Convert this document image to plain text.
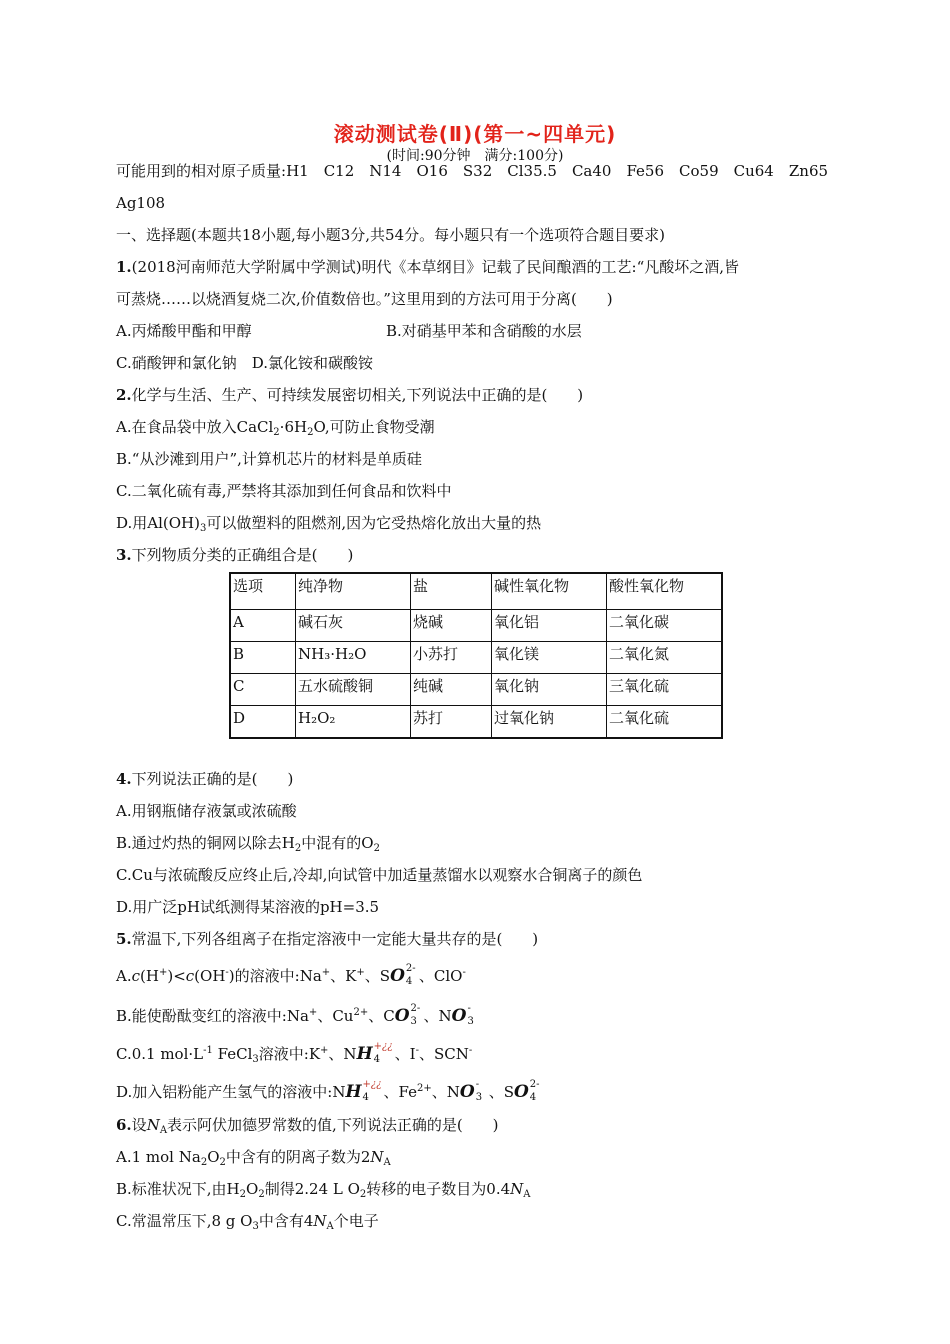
滚动测试卷(Ⅱ)(第一~四单元)
(时间:90分钟　满分:100分)
可能用到的相对原子质量:H1 C12 N14 O16 S32 Cl35.5 Ca40 Fe56 Co59 Cu64 Zn65
Ag108
一、选择题(本题共18小题,每小题3分,共54分。每小题只有一个选项符合题目要求)
1.(2018河南师范大学附属中学测试)明代《本草纲目》记载了民间酿酒的工艺:“凡酸坏之酒,皆
可蒸烧……以烧酒复烧二次,价值数倍也。”这里用到的方法可用于分离(　　)
A.丙烯酸甲酯和甲醇	B.对硝基甲苯和含硝酸的水层
C.硝酸钾和氯化钠　D.氯化铵和碳酸铵
2.化学与生活、生产、可持续发展密切相关,下列说法中正确的是(　　)
A.在食品袋中放入$CaCl_2\cdot 6H_2O$,可防止食物受潮
B.“从沙滩到用户”,计算机芯片的材料是单质硅
C.二氧化硫有毒,严禁将其添加到任何食品和饮料中
D.用$Al(OH)_3$可以做塑料的阻燃剂,因为它受热熔化放出大量的热
3.下列物质分类的正确组合是(　　)
选项	纯净物	盐	碱性氧化物	酸性氧化物
A	碱石灰	烧碱	氧化铝	二氧化碳
B	NH₃·H₂O	小苏打	氧化镁	二氧化氮
C	五水硫酸铜	纯碱	氧化钠	三氧化硫
D	H₂O₂	苏打	过氧化钠	二氧化硫
4.下列说法正确的是(　　)
A.用钢瓶储存液氯或浓硫酸
B.通过灼热的铜网以除去$H_2$中混有的$O_2$
C.Cu与浓硫酸反应终止后,冷却,向试管中加适量蒸馏水以观察水合铜离子的颜色
D.用广泛pH试纸测得某溶液的pH=3.5
5.常温下,下列各组离子在指定溶液中一定能大量共存的是(　　)
A.c(H+)<c(OH-)的溶液中:Na+、K+、SO 2-
4 、ClO-
B.能使酚酞变红的溶液中:Na+、$Cu^{2+}$、CO 2-
3 、NO -
3
C.0.1 $mol\cdot L^{-1}$ FeCl$_3$溶液中:K+、NH +¿¿
4 、I-、SCN-
D.加入铝粉能产生氢气的溶液中:NH +¿¿
4 、$Fe^{2+}$、NO -
3 、SO 2-
4
6.设$N_A$表示阿伏加德罗常数的值,下列说法正确的是(　　)
A.1 mol $Na_2O_2$中含有的阴离子数为$2N_A$
B.标准状况下,由$H_2O_2$制得2.24 L $O_2$转移的电子数目为$0.4N_A$
C.常温常压下,8 g $O_3$中含有$4N_A$个电子
